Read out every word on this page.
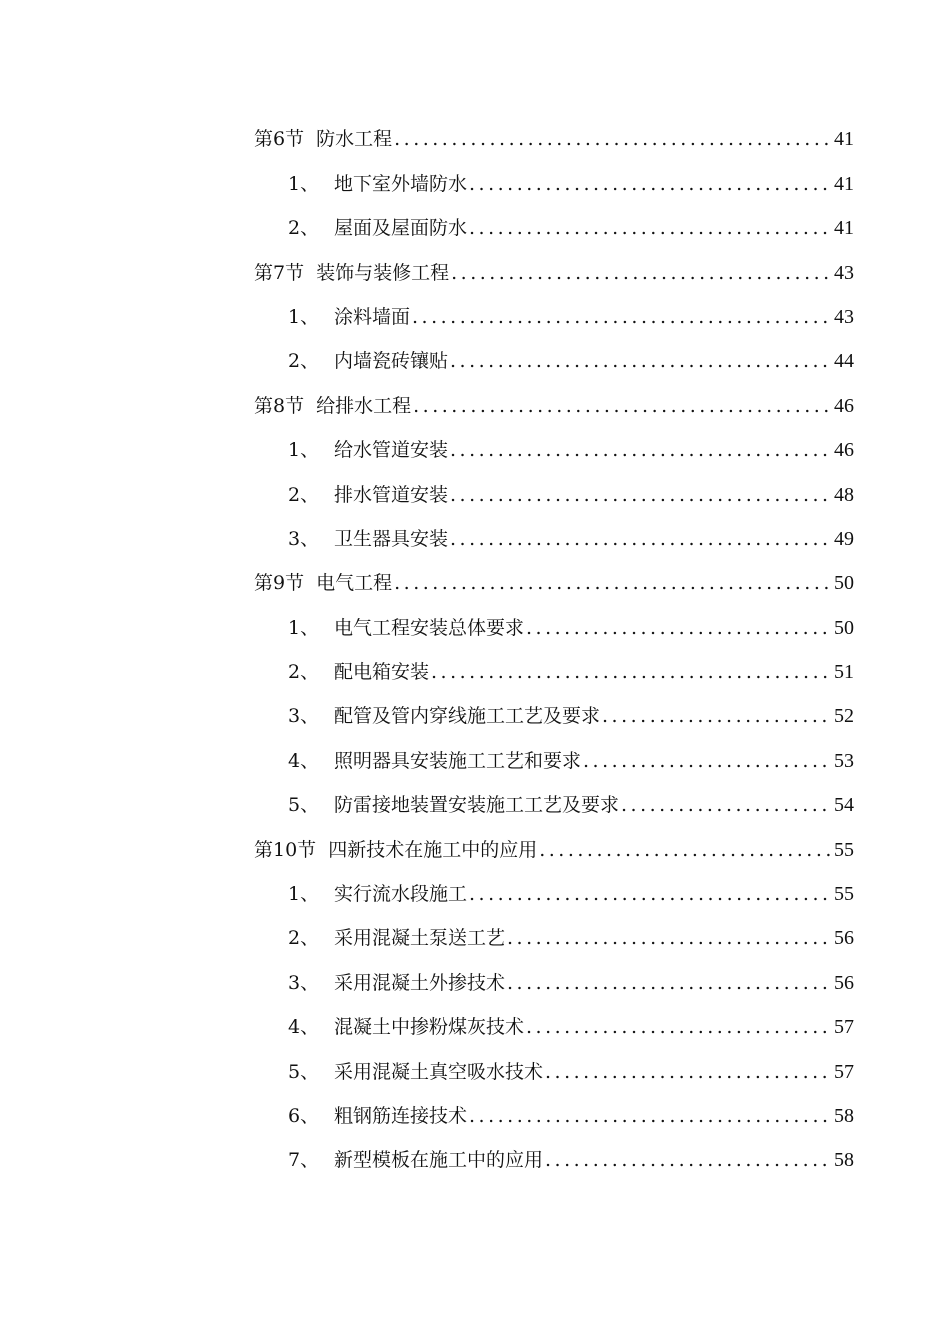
第6节 防水工程 .....	41
1、 地下室外墙防水 .....	41
2、 屋面及屋面防水 .....	41
第7节 装饰与装修工程 .....	43
1、 涂料墙面 .....	43
2、 内墙瓷砖镶贴 .....	44
第8节 给排水工程 .....	46
1、 给水管道安装 .....	46
2、 排水管道安装 .....	48
3、 卫生器具安装 .....	49
第9节 电气工程 .....	50
1、 电气工程安装总体要求 .....	50
2、 配电箱安装 .....	51
3、 配管及管内穿线施工工艺及要求 .....	52
4、 照明器具安装施工工艺和要求 .....	53
5、 防雷接地装置安装施工工艺及要求 .....	54
第10节 四新技术在施工中的应用 .....	55
1、 实行流水段施工 .....	55
2、 采用混凝土泵送工艺 .....	56
3、 采用混凝土外掺技术 .....	56
4、 混凝土中掺粉煤灰技术 .....	57
5、 采用混凝土真空吸水技术 .....	57
6、 粗钢筋连接技术 .....	58
7、 新型模板在施工中的应用 .....	58
